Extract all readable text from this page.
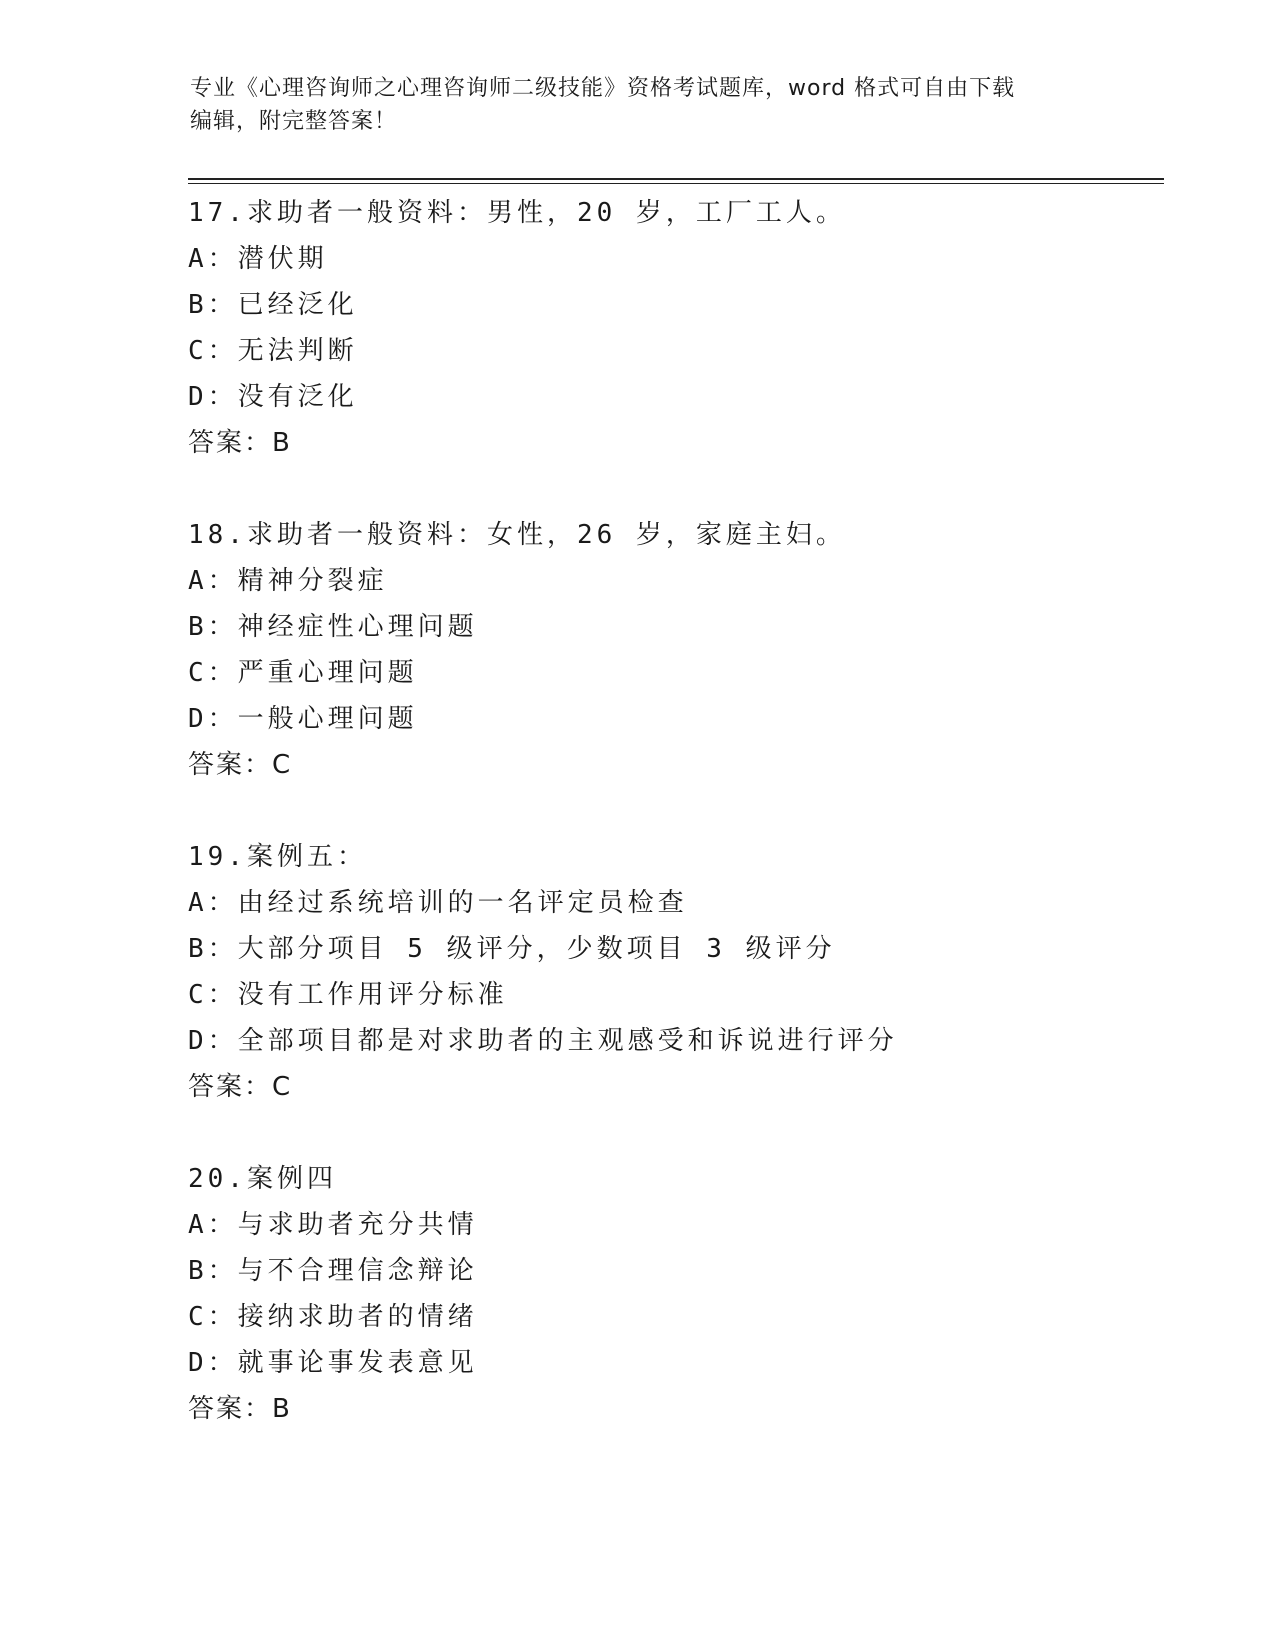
专业《心理咨询师之心理咨询师二级技能》资格考试题库，word 格式可自由下载
编辑，附完整答案！
17.求助者一般资料：男性，20 岁，工厂工人。
A：潜伏期
B：已经泛化
C：无法判断
D：没有泛化
答案：B
18.求助者一般资料：女性，26 岁，家庭主妇。
A：精神分裂症
B：神经症性心理问题
C：严重心理问题
D：一般心理问题
答案：C
19.案例五：
A：由经过系统培训的一名评定员检查
B：大部分项目 5 级评分，少数项目 3 级评分
C：没有工作用评分标准
D：全部项目都是对求助者的主观感受和诉说进行评分
答案：C
20.案例四
A：与求助者充分共情
B：与不合理信念辩论
C：接纳求助者的情绪
D：就事论事发表意见
答案：B
